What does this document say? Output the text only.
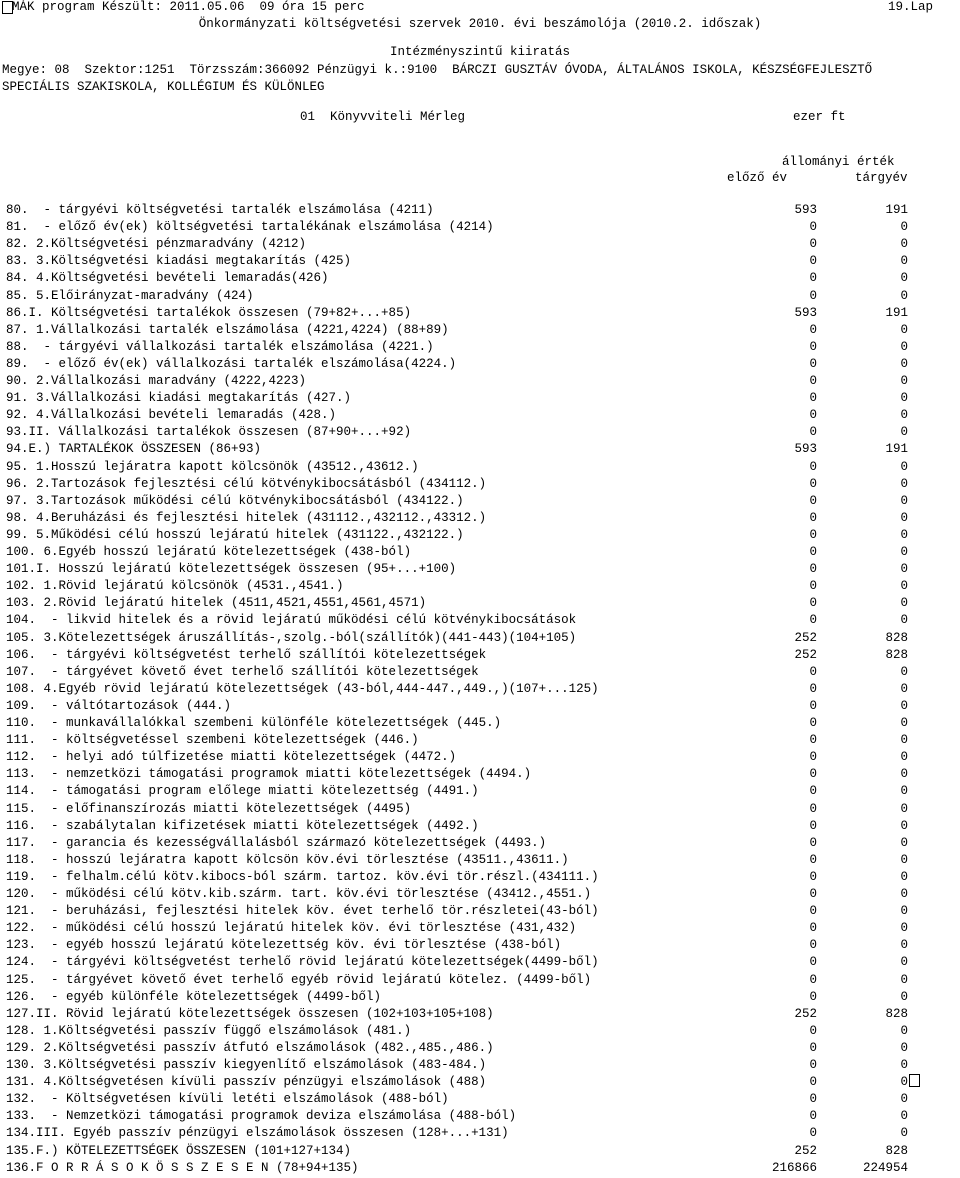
MÁK program Készült: 2011.05.06  09 óra 15 perc	19.Lap
Önkormányzati költségvetési szervek 2010. évi beszámolója (2010.2. időszak)
Intézményszintű kiiratás
Megye: 08  Szektor:1251  Törzsszám:366092 Pénzügyi k.:9100  BÁRCZI GUSZTÁV ÓVODA, ÁLTALÁNOS ISKOLA, KÉSZSÉGFEJLESZTŐ
SPECIÁLIS SZAKISKOLA, KOLLÉGIUM ÉS KÜLÖNLEG
01  Könyvviteli Mérleg	ezer ft
állományi érték
előző év	tárgyév
80.  - tárgyévi költségvetési tartalék elszámolása (4211)	593	191
81.  - előző év(ek) költségvetési tartalékának elszámolása (4214)	0	0
82. 2.Költségvetési pénzmaradvány (4212)	0	0
83. 3.Költségvetési kiadási megtakarítás (425)	0	0
84. 4.Költségvetési bevételi lemaradás(426)	0	0
85. 5.Előirányzat-maradvány (424)	0	0
86.I. Költségvetési tartalékok összesen (79+82+...+85)	593	191
87. 1.Vállalkozási tartalék elszámolása (4221,4224) (88+89)	0	0
88.  - tárgyévi vállalkozási tartalék elszámolása (4221.)	0	0
89.  - előző év(ek) vállalkozási tartalék elszámolása(4224.)	0	0
90. 2.Vállalkozási maradvány (4222,4223)	0	0
91. 3.Vállalkozási kiadási megtakarítás (427.)	0	0
92. 4.Vállalkozási bevételi lemaradás (428.)	0	0
93.II. Vállalkozási tartalékok összesen (87+90+...+92)	0	0
94.E.) TARTALÉKOK ÖSSZESEN (86+93)	593	191
95. 1.Hosszú lejáratra kapott kölcsönök (43512.,43612.)	0	0
96. 2.Tartozások fejlesztési célú kötvénykibocsátásból (434112.)	0	0
97. 3.Tartozások működési célú kötvénykibocsátásból (434122.)	0	0
98. 4.Beruházási és fejlesztési hitelek (431112.,432112.,43312.)	0	0
99. 5.Működési célú hosszú lejáratú hitelek (431122.,432122.)	0	0
100. 6.Egyéb hosszú lejáratú kötelezettségek (438-ból)	0	0
101.I. Hosszú lejáratú kötelezettségek összesen (95+...+100)	0	0
102. 1.Rövid lejáratú kölcsönök (4531.,4541.)	0	0
103. 2.Rövid lejáratú hitelek (4511,4521,4551,4561,4571)	0	0
104.  - likvid hitelek és a rövid lejáratú működési célú kötvénykibocsátások	0	0
105. 3.Kötelezettségek áruszállítás-,szolg.-ból(szállítók)(441-443)(104+105)	252	828
106.  - tárgyévi költségvetést terhelő szállítói kötelezettségek	252	828
107.  - tárgyévet követő évet terhelő szállítói kötelezettségek	0	0
108. 4.Egyéb rövid lejáratú kötelezettségek (43-ból,444-447.,449.,)(107+...125)	0	0
109.  - váltótartozások (444.)	0	0
110.  - munkavállalókkal szembeni különféle kötelezettségek (445.)	0	0
111.  - költségvetéssel szembeni kötelezettségek (446.)	0	0
112.  - helyi adó túlfizetése miatti kötelezettségek (4472.)	0	0
113.  - nemzetközi támogatási programok miatti kötelezettségek (4494.)	0	0
114.  - támogatási program előlege miatti kötelezettség (4491.)	0	0
115.  - előfinanszírozás miatti kötelezettségek (4495)	0	0
116.  - szabálytalan kifizetések miatti kötelezettségek (4492.)	0	0
117.  - garancia és kezességvállalásból származó kötelezettségek (4493.)	0	0
118.  - hosszú lejáratra kapott kölcsön köv.évi törlesztése (43511.,43611.)	0	0
119.  - felhalm.célú kötv.kibocs-ból szárm. tartoz. köv.évi tör.részl.(434111.)	0	0
120.  - működési célú kötv.kib.szárm. tart. köv.évi törlesztése (43412.,4551.)	0	0
121.  - beruházási, fejlesztési hitelek köv. évet terhelő tör.részletei(43-ból)	0	0
122.  - működési célú hosszú lejáratú hitelek köv. évi törlesztése (431,432)	0	0
123.  - egyéb hosszú lejáratú kötelezettség köv. évi törlesztése (438-ból)	0	0
124.  - tárgyévi költségvetést terhelő rövid lejáratú kötelezettségek(4499-ből)	0	0
125.  - tárgyévet követő évet terhelő egyéb rövid lejáratú kötelez. (4499-ből)	0	0
126.  - egyéb különféle kötelezettségek (4499-ből)	0	0
127.II. Rövid lejáratú kötelezettségek összesen (102+103+105+108)	252	828
128. 1.Költségvetési passzív függő elszámolások (481.)	0	0
129. 2.Költségvetési passzív átfutó elszámolások (482.,485.,486.)	0	0
130. 3.Költségvetési passzív kiegyenlítő elszámolások (483-484.)	0	0
131. 4.Költségvetésen kívüli passzív pénzügyi elszámolások (488)	0	0
132.  - Költségvetésen kívüli letéti elszámolások (488-ból)	0	0
133.  - Nemzetközi támogatási programok deviza elszámolása (488-ból)	0	0
134.III. Egyéb passzív pénzügyi elszámolások összesen (128+...+131)	0	0
135.F.) KÖTELEZETTSÉGEK ÖSSZESEN (101+127+134)	252	828
136.F O R R Á S O K Ö S S Z E S E N (78+94+135)	216866	224954
